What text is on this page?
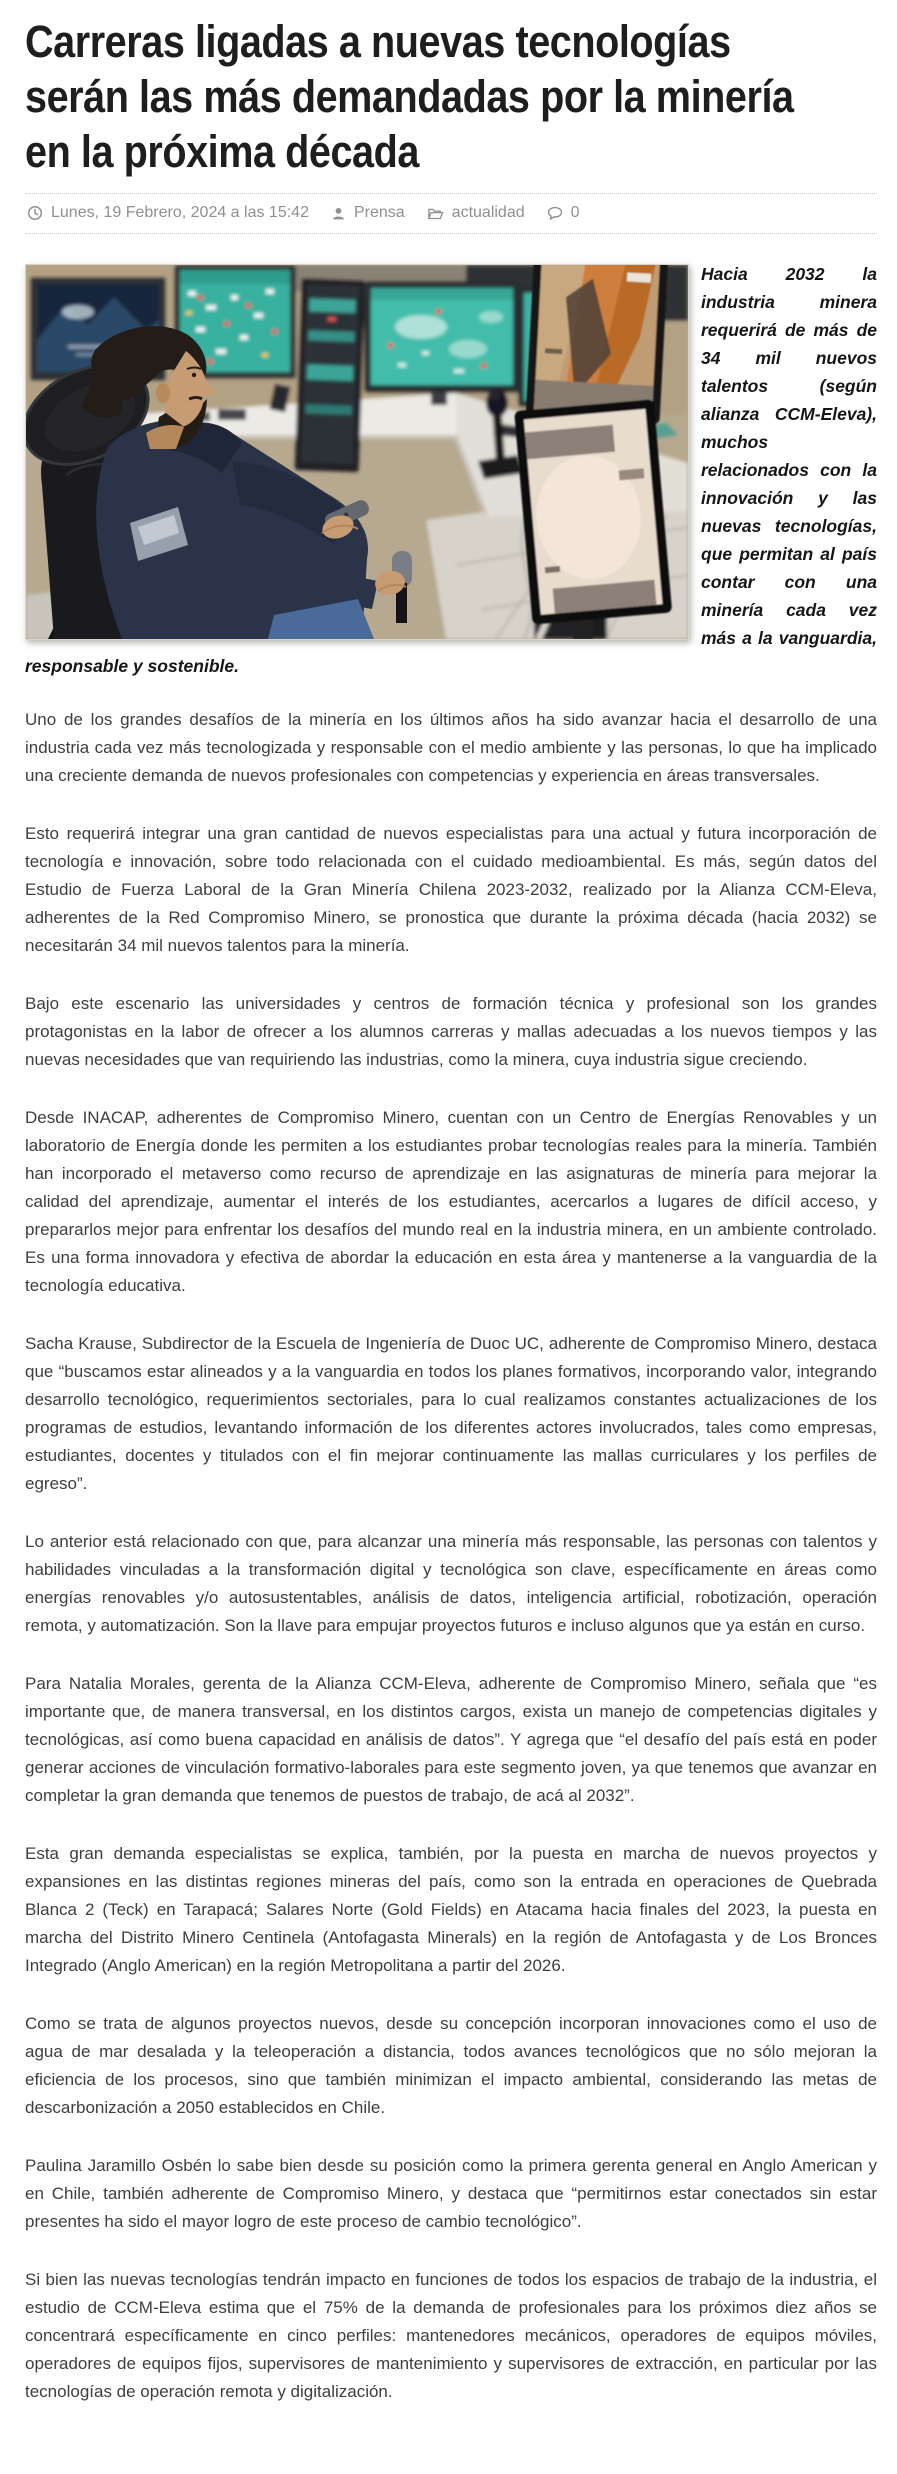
Carreras ligadas a nuevas tecnologías
serán las más demandadas por la minería
en la próxima década
Lunes, 19 Febrero, 2024 a las 15:42	Prensa	actualidad	0

Hacia 2032 la industria minera requerirá de más de 34 mil nuevos talentos (según alianza CCM-Eleva), muchos relacionados con la innovación y las nuevas tecnologías, que permitan al país contar con una minería cada vez más a la vanguardia, responsable y sostenible.

Uno de los grandes desafíos de la minería en los últimos años ha sido avanzar hacia el desarrollo de una industria cada vez más tecnologizada y responsable con el medio ambiente y las personas, lo que ha implicado una creciente demanda de nuevos profesionales con competencias y experiencia en áreas transversales.

Esto requerirá integrar una gran cantidad de nuevos especialistas para una actual y futura incorporación de tecnología e innovación, sobre todo relacionada con el cuidado medioambiental. Es más, según datos del Estudio de Fuerza Laboral de la Gran Minería Chilena 2023-2032, realizado por la Alianza CCM-Eleva, adherentes de la Red Compromiso Minero, se pronostica que durante la próxima década (hacia 2032) se necesitarán 34 mil nuevos talentos para la minería.

Bajo este escenario las universidades y centros de formación técnica y profesional son los grandes protagonistas en la labor de ofrecer a los alumnos carreras y mallas adecuadas a los nuevos tiempos y las nuevas necesidades que van requiriendo las industrias, como la minera, cuya industria sigue creciendo.

Desde INACAP, adherentes de Compromiso Minero, cuentan con un Centro de Energías Renovables y un laboratorio de Energía donde les permiten a los estudiantes probar tecnologías reales para la minería. También han incorporado el metaverso como recurso de aprendizaje en las asignaturas de minería para mejorar la calidad del aprendizaje, aumentar el interés de los estudiantes, acercarlos a lugares de difícil acceso, y prepararlos mejor para enfrentar los desafíos del mundo real en la industria minera, en un ambiente controlado. Es una forma innovadora y efectiva de abordar la educación en esta área y mantenerse a la vanguardia de la tecnología educativa.

Sacha Krause, Subdirector de la Escuela de Ingeniería de Duoc UC, adherente de Compromiso Minero, destaca que “buscamos estar alineados y a la vanguardia en todos los planes formativos, incorporando valor, integrando desarrollo tecnológico, requerimientos sectoriales, para lo cual realizamos constantes actualizaciones de los programas de estudios, levantando información de los diferentes actores involucrados, tales como empresas, estudiantes, docentes y titulados con el fin mejorar continuamente las mallas curriculares y los perfiles de egreso”.

Lo anterior está relacionado con que, para alcanzar una minería más responsable, las personas con talentos y habilidades vinculadas a la transformación digital y tecnológica son clave, específicamente en áreas como energías renovables y/o autosustentables, análisis de datos, inteligencia artificial, robotización, operación remota, y automatización. Son la llave para empujar proyectos futuros e incluso algunos que ya están en curso.

Para Natalia Morales, gerenta de la Alianza CCM-Eleva, adherente de Compromiso Minero, señala que “es importante que, de manera transversal, en los distintos cargos, exista un manejo de competencias digitales y tecnológicas, así como buena capacidad en análisis de datos”. Y agrega que “el desafío del país está en poder generar acciones de vinculación formativo-laborales para este segmento joven, ya que tenemos que avanzar en completar la gran demanda que tenemos de puestos de trabajo, de acá al 2032”.

Esta gran demanda especialistas se explica, también, por la puesta en marcha de nuevos proyectos y expansiones en las distintas regiones mineras del país, como son la entrada en operaciones de Quebrada Blanca 2 (Teck) en Tarapacá; Salares Norte (Gold Fields) en Atacama hacia finales del 2023, la puesta en marcha del Distrito Minero Centinela (Antofagasta Minerals) en la región de Antofagasta y de Los Bronces Integrado (Anglo American) en la región Metropolitana a partir del 2026.

Como se trata de algunos proyectos nuevos, desde su concepción incorporan innovaciones como el uso de agua de mar desalada y la teleoperación a distancia, todos avances tecnológicos que no sólo mejoran la eficiencia de los procesos, sino que también minimizan el impacto ambiental, considerando las metas de descarbonización a 2050 establecidos en Chile.

Paulina Jaramillo Osbén lo sabe bien desde su posición como la primera gerenta general en Anglo American y en Chile, también adherente de Compromiso Minero, y destaca que “permitirnos estar conectados sin estar presentes ha sido el mayor logro de este proceso de cambio tecnológico”.

Si bien las nuevas tecnologías tendrán impacto en funciones de todos los espacios de trabajo de la industria, el estudio de CCM-Eleva estima que el 75% de la demanda de profesionales para los próximos diez años se concentrará específicamente en cinco perfiles: mantenedores mecánicos, operadores de equipos móviles, operadores de equipos fijos, supervisores de mantenimiento y supervisores de extracción, en particular por las tecnologías de operación remota y digitalización.
